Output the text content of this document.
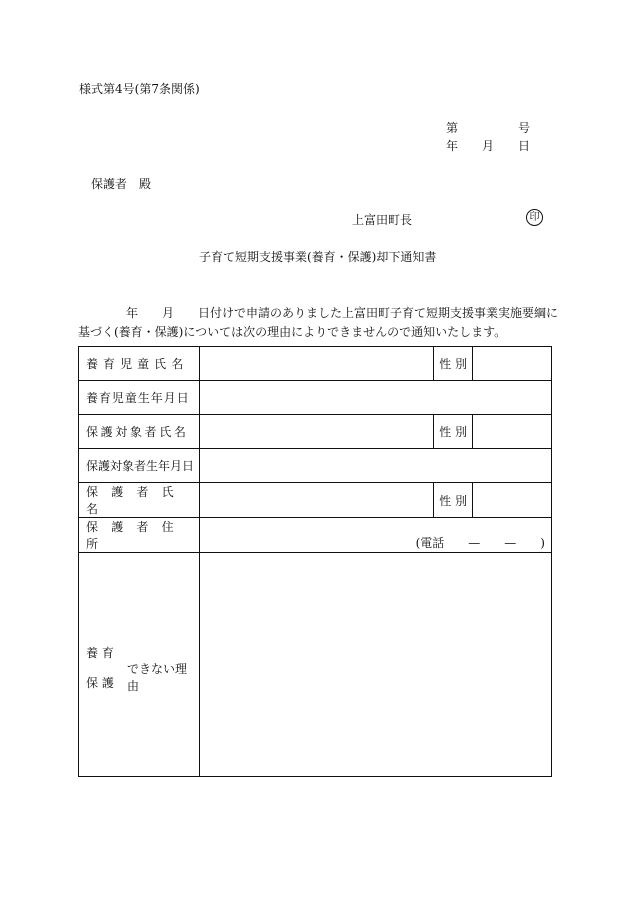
様式第4号(第7条関係)
第　　　　　号
年　　月　　日
保護者　殿
上富田町長	印
子育て短期支援事業(養育・保護)却下通知書
　　　　年　　月　　日付けで申請のありました上富田町子育て短期支援事業実施要綱に
基づく(養育・保護)については次の理由によりできませんので通知いたします。
養育児童氏名		性 別	
養育児童生年月日			
保護対象者氏名		性 別	
保護対象者生年月日			
保護者氏名		性 別	
保護者住所	(電話　　—　　—　　)		

養 育
保 護
できない理由			
